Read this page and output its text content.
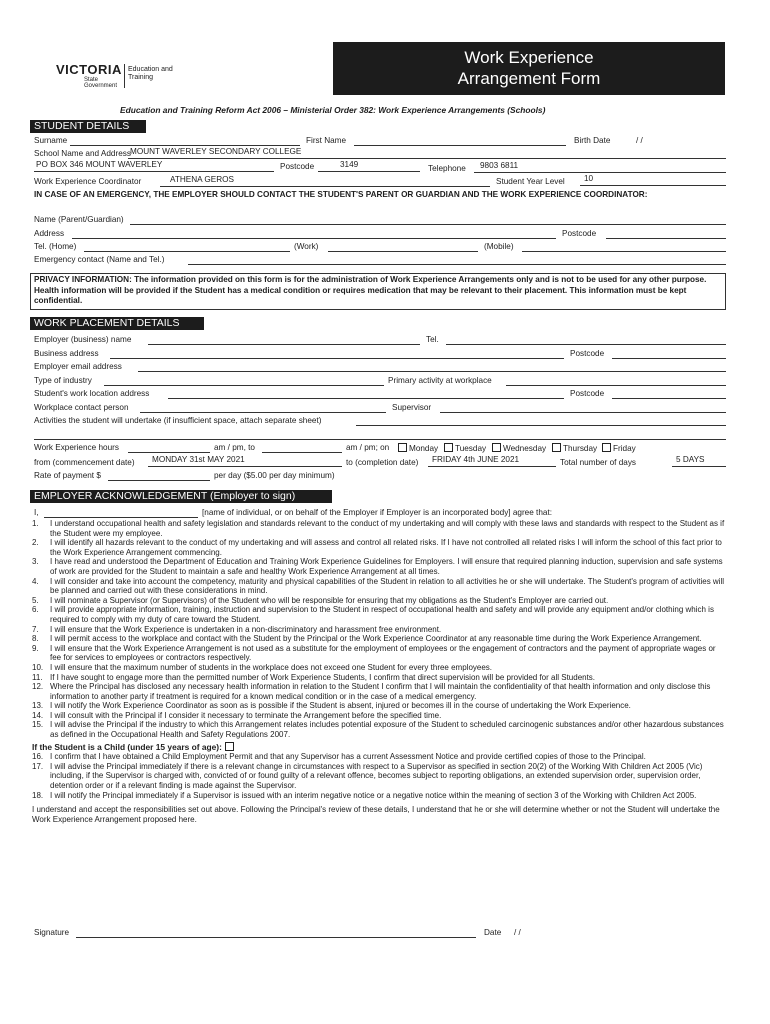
VICTORIA
State Government
Education and Training
Work Experience
Arrangement Form
Education and Training Reform Act 2006 – Ministerial Order 382: Work Experience Arrangements (Schools)
STUDENT DETAILS
Surname	First Name	Birth Date	/ /
School Name and Address MOUNT WAVERLEY SECONDARY COLLEGE
PO BOX 346 MOUNT WAVERLEY	Postcode	3149	Telephone 9803 6811
Work Experience Coordinator	ATHENA GEROS	Student Year Level 10
IN CASE OF AN EMERGENCY, THE EMPLOYER SHOULD CONTACT THE STUDENT'S PARENT OR GUARDIAN AND THE WORK EXPERIENCE COORDINATOR:
Name (Parent/Guardian)
Address	Postcode
Tel. (Home)	(Work)	(Mobile)
Emergency contact (Name and Tel.)
PRIVACY INFORMATION: The information provided on this form is for the administration of Work Experience Arrangements only and is not to be used for any other purpose. Health information will be provided if the Student has a medical condition or requires medication that may be relevant to their placement. This information must be kept confidential.
WORK PLACEMENT DETAILS
Employer (business) name	Tel.
Business address	Postcode
Employer email address
Type of industry	Primary activity at workplace
Student's work location address	Postcode
Workplace contact person	Supervisor
Activities the student will undertake (if insufficient space, attach separate sheet)
Work Experience hours	am / pm, to	am / pm; on	Monday	Tuesday	Wednesday	Thursday	Friday
from (commencement date) MONDAY 31st MAY 2021	to (completion date) FRIDAY 4th JUNE 2021	Total number of days	5 DAYS
Rate of payment $	per day ($5.00 per day minimum)
EMPLOYER ACKNOWLEDGEMENT (Employer to sign)
I,	[name of individual, or on behalf of the Employer if Employer is an incorporated body] agree that:
1. I understand occupational health and safety legislation and standards relevant to the conduct of my undertaking and will comply with these laws and standards with respect to the Student as if the Student were my employee.
2. I will identify all hazards relevant to the conduct of my undertaking and will assess and control all related risks. If I have not controlled all related risks I will inform the school of this fact prior to the Work Experience Arrangement commencing.
3. I have read and understood the Department of Education and Training Work Experience Guidelines for Employers. I will ensure that required planning induction, supervision and safe systems of work are provided for the Student to maintain a safe and healthy Work Experience Arrangement at all times.
4. I will consider and take into account the competency, maturity and physical capabilities of the Student in relation to all activities he or she will undertake. The Student's program of activities will be planned and carried out with these considerations in mind.
5. I will nominate a Supervisor (or Supervisors) of the Student who will be responsible for ensuring that my obligations as the Student's Employer are carried out.
6. I will provide appropriate information, training, instruction and supervision to the Student in respect of occupational health and safety and will provide any equipment and/or clothing which is required to comply with my duty of care toward the Student.
7. I will ensure that the Work Experience is undertaken in a non-discriminatory and harassment free environment.
8. I will permit access to the workplace and contact with the Student by the Principal or the Work Experience Coordinator at any reasonable time during the Work Experience Arrangement.
9. I will ensure that the Work Experience Arrangement is not used as a substitute for the employment of employees or the engagement of contractors and the payment of appropriate wages or fee for services to employees or contractors respectively.
10. I will ensure that the maximum number of students in the workplace does not exceed one Student for every three employees.
11. If I have sought to engage more than the permitted number of Work Experience Students, I confirm that direct supervision will be provided for all Students.
12. Where the Principal has disclosed any necessary health information in relation to the Student I confirm that I will maintain the confidentiality of that health information and only disclose this information to another party if treatment is required for a known medical condition or in the case of a medical emergency.
13. I will notify the Work Experience Coordinator as soon as is possible if the Student is absent, injured or becomes ill in the course of undertaking the Work Experience.
14. I will consult with the Principal if I consider it necessary to terminate the Arrangement before the specified time.
15. I will advise the Principal if the industry to which this Arrangement relates includes potential exposure of the Student to scheduled carcinogenic substances and/or other hazardous substances as defined in the Occupational Health and Safety Regulations 2007.
If the Student is a Child (under 15 years of age):
16. I confirm that I have obtained a Child Employment Permit and that any Supervisor has a current Assessment Notice and provide certified copies of those to the Principal.
17. I will advise the Principal immediately if there is a relevant change in circumstances with respect to a Supervisor as specified in section 20(2) of the Working With Children Act 2005 (Vic) including, if the Supervisor is charged with, convicted of or found guilty of a relevant offence, becomes subject to reporting obligations, an extended supervision order, supervision order, detention order or if a relevant finding is made against the Supervisor.
18. I will notify the Principal immediately if a Supervisor is issued with an interim negative notice or a negative notice within the meaning of section 3 of the Working with Children Act 2005.
I understand and accept the responsibilities set out above. Following the Principal's review of these details, I understand that he or she will determine whether or not the Student will undertake the Work Experience Arrangement proposed here.
Signature	Date / /
